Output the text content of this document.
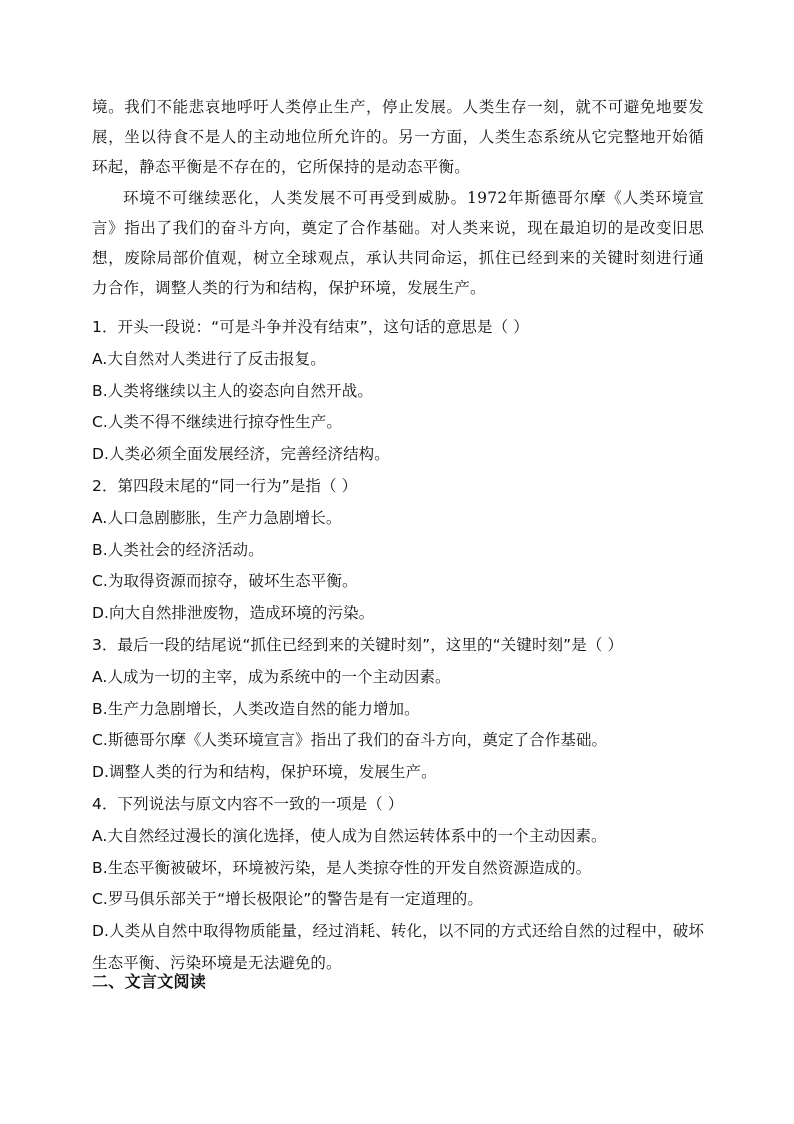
境。我们不能悲哀地呼吁人类停止生产，停止发展。人类生存一刻，就不可避免地要发展，坐以待食不是人的主动地位所允许的。另一方面，人类生态系统从它完整地开始循环起，静态平衡是不存在的，它所保持的是动态平衡。

环境不可继续恶化，人类发展不可再受到威胁。1972年斯德哥尔摩《人类环境宣言》指出了我们的奋斗方向，奠定了合作基础。对人类来说，现在最迫切的是改变旧思想，废除局部价值观，树立全球观点，承认共同命运，抓住已经到来的关键时刻进行通力合作，调整人类的行为和结构，保护环境，发展生产。

1．开头一段说：“可是斗争并没有结束”，这句话的意思是（ ）

A.大自然对人类进行了反击报复。

B.人类将继续以主人的姿态向自然开战。

C.人类不得不继续进行掠夺性生产。

D.人类必须全面发展经济，完善经济结构。

2．第四段末尾的“同一行为”是指（ ）

A.人口急剧膨胀，生产力急剧增长。

B.人类社会的经济活动。

C.为取得资源而掠夺，破坏生态平衡。

D.向大自然排泄废物，造成环境的污染。

3．最后一段的结尾说“抓住已经到来的关键时刻”，这里的“关键时刻”是（ ）

A.人成为一切的主宰，成为系统中的一个主动因素。

B.生产力急剧增长，人类改造自然的能力增加。

C.斯德哥尔摩《人类环境宣言》指出了我们的奋斗方向，奠定了合作基础。

D.调整人类的行为和结构，保护环境，发展生产。

4．下列说法与原文内容不一致的一项是（ ）

A.大自然经过漫长的演化选择，使人成为自然运转体系中的一个主动因素。

B.生态平衡被破坏，环境被污染，是人类掠夺性的开发自然资源造成的。

C.罗马俱乐部关于“增长极限论”的警告是有一定道理的。

D.人类从自然中取得物质能量，经过消耗、转化，以不同的方式还给自然的过程中，破坏生态平衡、污染环境是无法避免的。

二、文言文阅读
